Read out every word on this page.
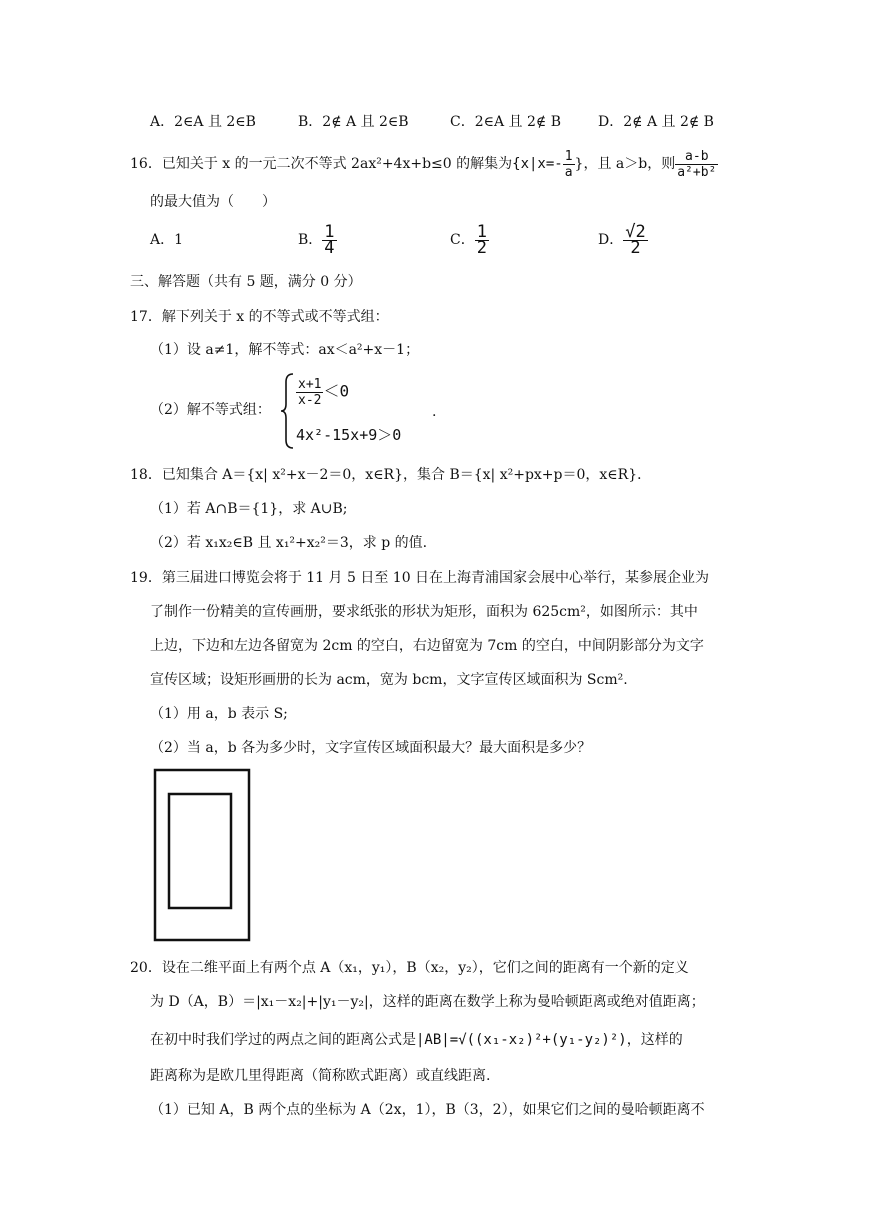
A．2∈A 且 2∈B	B．2∉ A 且 2∈B	C．2∈A 且 2∉ B	D．2∉ A 且 2∉ B
16．已知关于 x 的一元二次不等式 2ax²+4x+b≤0 的解集为{$x|x=- \frac{1}{a}$ }，且 a＞b，则 $\frac{a-b}{\text{a²+b²}}$
的最大值为（　　）
A．1	B． $\frac{1}{4}$	C． $\frac{1}{2}$	D． $\frac{√2}{2}$
三、解答题（共有 5 题，满分 0 分）
17．解下列关于 x 的不等式或不等式组：
（1）设 a≠1，解不等式：ax＜a²+x－1；
（2）解不等式组：
$\frac{x+1}{x-2} <0$
4x²-15x+9＞0
.
18．已知集合 A＝{x| x²+x－2＝0，x∈R}，集合 B＝{x| x²+px+p＝0，x∈R}．
（1）若 A∩B＝{1}，求 A∪B;
（2）若 x₁x₂∈B 且 x₁²+x₂²＝3，求 p 的值.
19．第三届进口博览会将于 11 月 5 日至 10 日在上海青浦国家会展中心举行，某参展企业为
了制作一份精美的宣传画册，要求纸张的形状为矩形，面积为 625cm²，如图所示：其中
上边，下边和左边各留宽为 2cm 的空白，右边留宽为 7cm 的空白，中间阴影部分为文字
宣传区域；设矩形画册的长为 acm，宽为 bcm，文字宣传区域面积为 Scm².
（1）用 a，b 表示 S;
（2）当 a，b 各为多少时，文字宣传区域面积最大？最大面积是多少？
20．设在二维平面上有两个点 A（x₁，y₁），B（x₂，y₂），它们之间的距离有一个新的定义
为 D（A，B）＝|x₁－x₂|+|y₁－y₂|，这样的距离在数学上称为曼哈顿距离或绝对值距离；
在初中时我们学过的两点之间的距离公式是|AB|=√((x₁-x₂)²+(y₁-y₂)²)，这样的
距离称为是欧几里得距离（简称欧式距离）或直线距离.
（1）已知 A，B 两个点的坐标为 A（2x，1），B（3，2），如果它们之间的曼哈顿距离不
